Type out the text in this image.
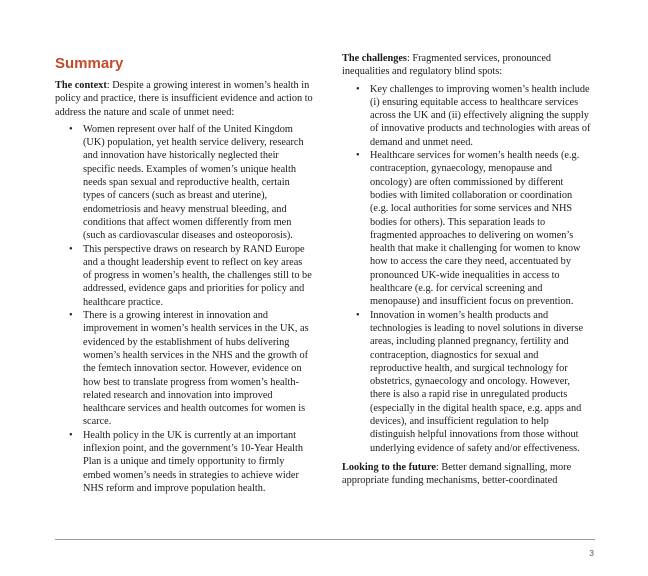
Summary

The context: Despite a growing interest in women’s health in policy and practice, there is insufficient evidence and action to address the nature and scale of unmet need:

• Women represent over half of the United Kingdom (UK) population, yet health service delivery, research and innovation have historically neglected their specific needs. Examples of women’s unique health needs span sexual and reproductive health, certain types of cancers (such as breast and uterine), endometriosis and heavy menstrual bleeding, and conditions that affect women differently from men (such as cardiovascular diseases and osteoporosis).
• This perspective draws on research by RAND Europe and a thought leadership event to reflect on key areas of progress in women’s health, the challenges still to be addressed, evidence gaps and priorities for policy and healthcare practice.
• There is a growing interest in innovation and improvement in women’s health services in the UK, as evidenced by the establishment of hubs delivering women’s health services in the NHS and the growth of the femtech innovation sector. However, evidence on how best to translate progress from women’s health-related research and innovation into improved healthcare services and health outcomes for women is scarce.
• Health policy in the UK is currently at an important inflexion point, and the government’s 10-Year Health Plan is a unique and timely opportunity to firmly embed women’s needs in strategies to achieve wider NHS reform and improve population health.

The challenges: Fragmented services, pronounced inequalities and regulatory blind spots:

• Key challenges to improving women’s health include (i) ensuring equitable access to healthcare services across the UK and (ii) effectively aligning the supply of innovative products and technologies with areas of demand and unmet need.
• Healthcare services for women’s health needs (e.g. contraception, gynaecology, menopause and oncology) are often commissioned by different bodies with limited collaboration or coordination (e.g. local authorities for some services and NHS bodies for others). This separation leads to fragmented approaches to delivering on women’s health that make it challenging for women to know how to access the care they need, accentuated by pronounced UK-wide inequalities in access to healthcare (e.g. for cervical screening and menopause) and insufficient focus on prevention.
• Innovation in women’s health products and technologies is leading to novel solutions in diverse areas, including planned pregnancy, fertility and contraception, diagnostics for sexual and reproductive health, and surgical technology for obstetrics, gynaecology and oncology. However, there is also a rapid rise in unregulated products (especially in the digital health space, e.g. apps and devices), and insufficient regulation to help distinguish helpful innovations from those without underlying evidence of safety and/or effectiveness.

Looking to the future: Better demand signalling, more appropriate funding mechanisms, better-coordinated

3
